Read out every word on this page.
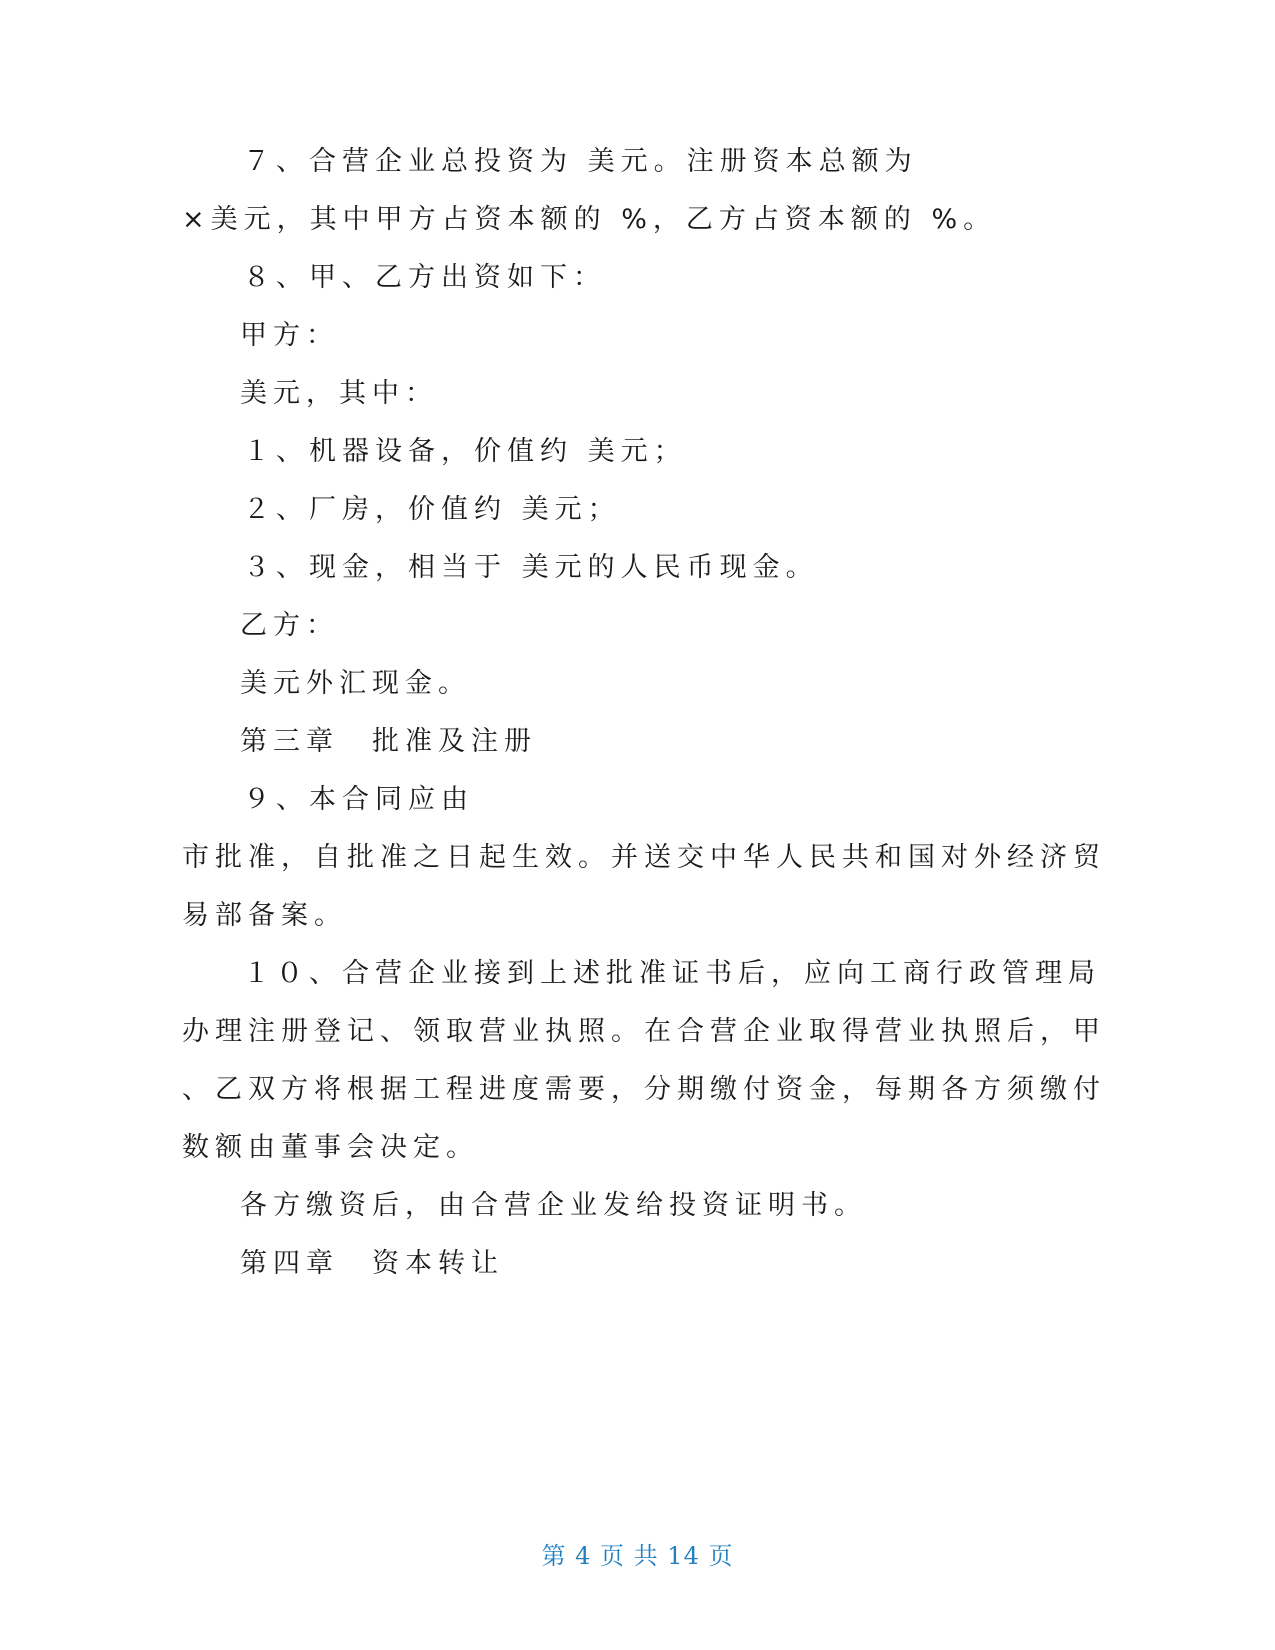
７、合营企业总投资为 美元。注册资本总额为
×美元，其中甲方占资本额的 %，乙方占资本额的 %。
８、甲、乙方出资如下：
甲方：
美元，其中：
１、机器设备，价值约 美元；
２、厂房，价值约 美元；
３、现金，相当于 美元的人民币现金。
乙方：
美元外汇现金。
第三章　批准及注册
９、本合同应由
市批准，自批准之日起生效。并送交中华人民共和国对外经济贸
易部备案。
１０、合营企业接到上述批准证书后，应向工商行政管理局
办理注册登记、领取营业执照。在合营企业取得营业执照后，甲
、乙双方将根据工程进度需要，分期缴付资金，每期各方须缴付
数额由董事会决定。
各方缴资后，由合营企业发给投资证明书。
第四章　资本转让
第 4 页 共 14 页
